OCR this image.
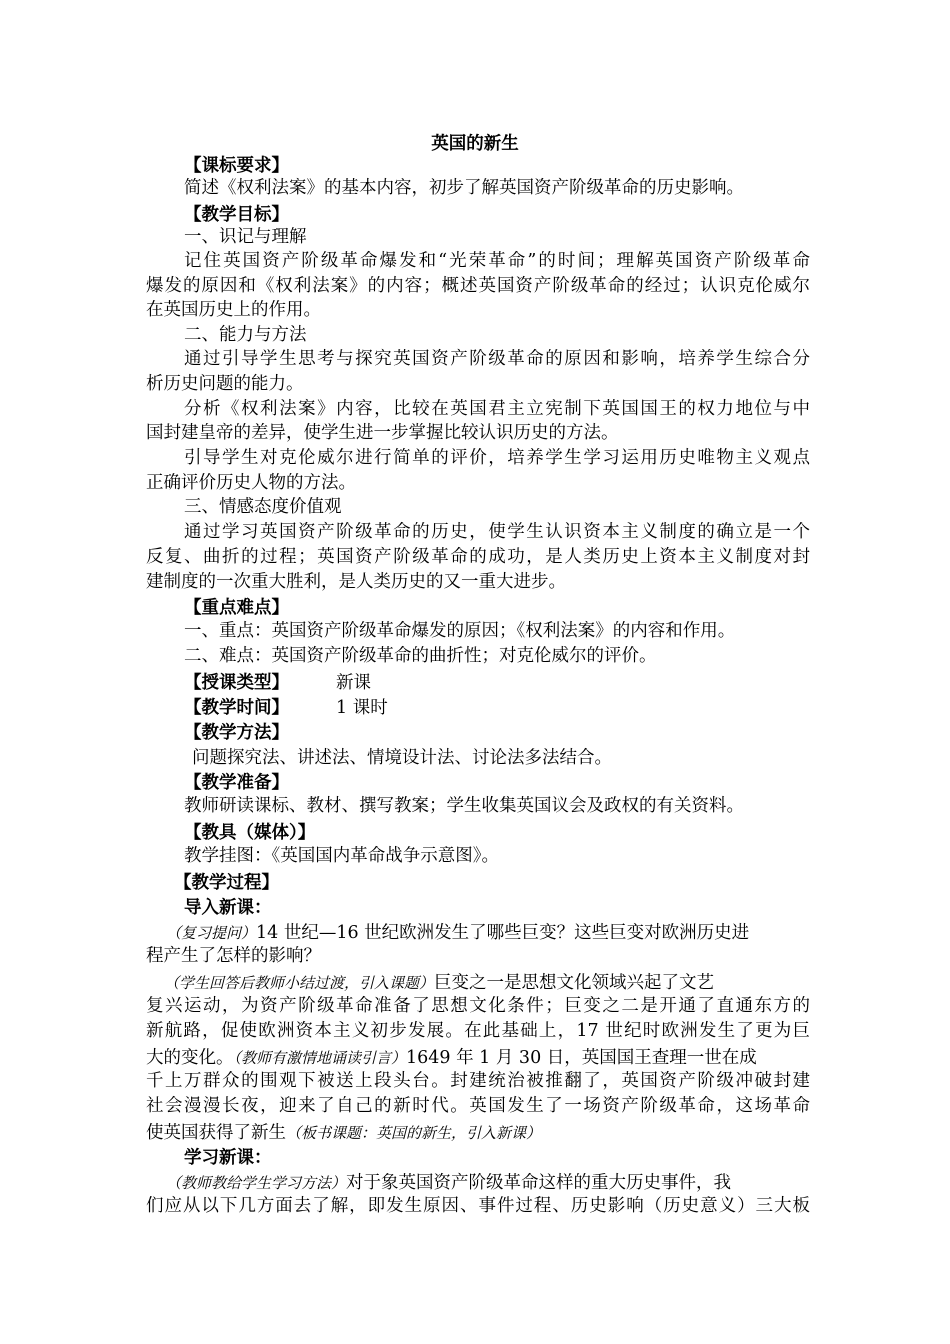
英国的新生
【课标要求】
简述《权利法案》的基本内容，初步了解英国资产阶级革命的历史影响。
【教学目标】
一、识记与理解
记住英国资产阶级革命爆发和“光荣革命”的时间；理解英国资产阶级革命
爆发的原因和《权利法案》的内容；概述英国资产阶级革命的经过；认识克伦威尔
在英国历史上的作用。
二、能力与方法
通过引导学生思考与探究英国资产阶级革命的原因和影响，培养学生综合分
析历史问题的能力。
分析《权利法案》内容，比较在英国君主立宪制下英国国王的权力地位与中
国封建皇帝的差异，使学生进一步掌握比较认识历史的方法。
引导学生对克伦威尔进行简单的评价，培养学生学习运用历史唯物主义观点
正确评价历史人物的方法。
三、情感态度价值观
通过学习英国资产阶级革命的历史，使学生认识资本主义制度的确立是一个
反复、曲折的过程；英国资产阶级革命的成功，是人类历史上资本主义制度对封
建制度的一次重大胜利，是人类历史的又一重大进步。
【重点难点】
一、重点：英国资产阶级革命爆发的原因；《权利法案》的内容和作用。
二、难点：英国资产阶级革命的曲折性；对克伦威尔的评价。
【授课类型】	新课
【教学时间】	1 课时
【教学方法】
问题探究法、讲述法、情境设计法、讨论法多法结合。
【教学准备】
教师研读课标、教材、撰写教案；学生收集英国议会及政权的有关资料。
【教具（媒体）】
教学挂图：《英国国内革命战争示意图》。
【教学过程】
导入新课：
（复习提问）14 世纪—16 世纪欧洲发生了哪些巨变？这些巨变对欧洲历史进
程产生了怎样的影响？
（学生回答后教师小结过渡，引入课题）巨变之一是思想文化领域兴起了文艺
复兴运动，为资产阶级革命准备了思想文化条件；巨变之二是开通了直通东方的
新航路，促使欧洲资本主义初步发展。在此基础上，17 世纪时欧洲发生了更为巨
大的变化。（教师有激情地诵读引言）1649 年 1 月 30 日，英国国王查理一世在成
千上万群众的围观下被送上段头台。封建统治被推翻了，英国资产阶级冲破封建
社会漫漫长夜，迎来了自己的新时代。英国发生了一场资产阶级革命，这场革命
使英国获得了新生（板书课题：英国的新生，引入新课）
学习新课：
（教师教给学生学习方法）对于象英国资产阶级革命这样的重大历史事件，我
们应从以下几方面去了解，即发生原因、事件过程、历史影响（历史意义）三大板
